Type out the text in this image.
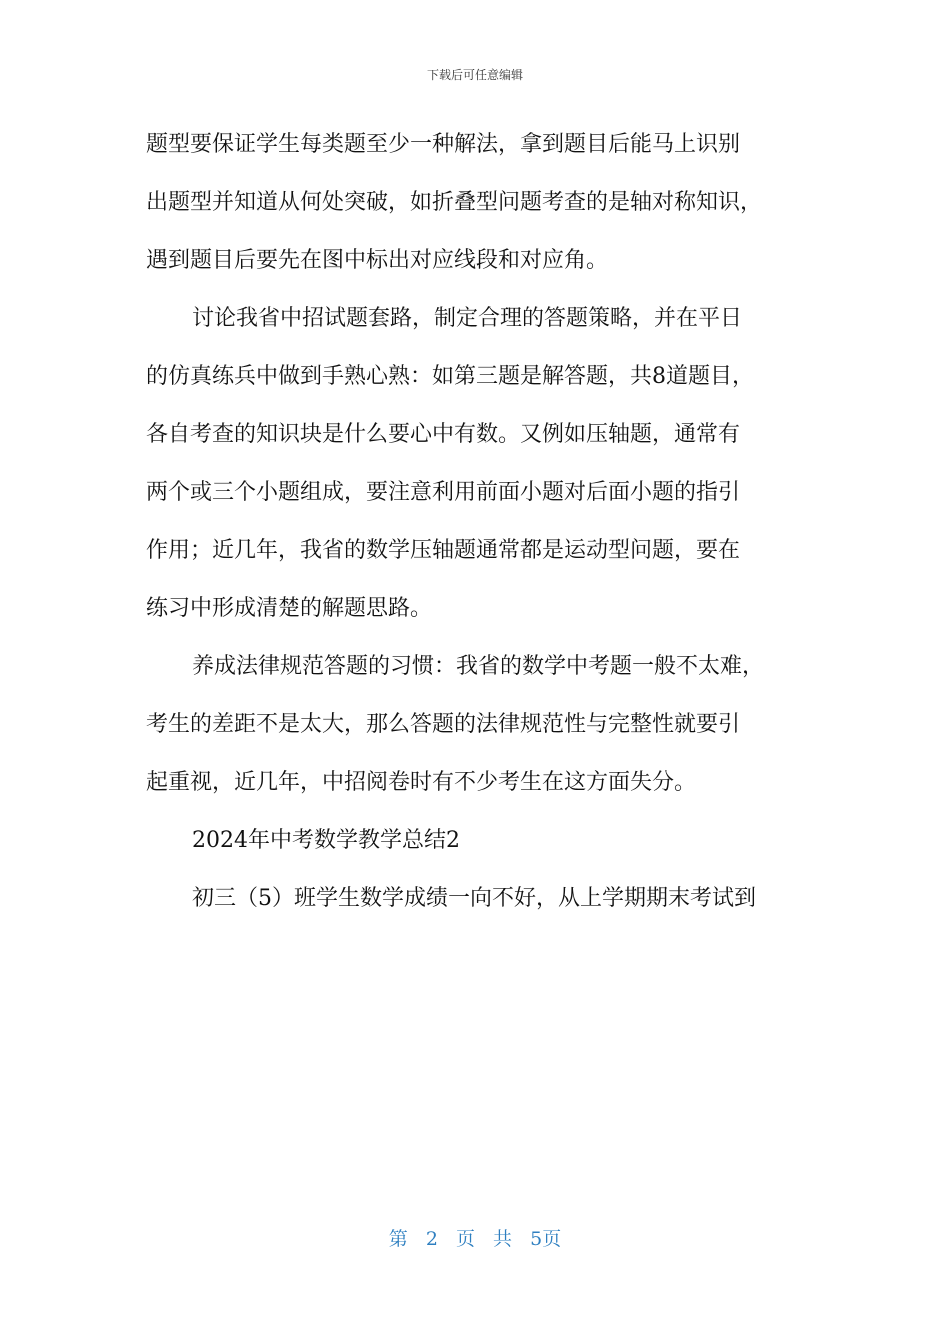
下载后可任意编辑
题型要保证学生每类题至少一种解法，拿到题目后能马上识别
出题型并知道从何处突破，如折叠型问题考查的是轴对称知识，
遇到题目后要先在图中标出对应线段和对应角。
讨论我省中招试题套路，制定合理的答题策略，并在平日
的仿真练兵中做到手熟心熟：如第三题是解答题，共8道题目，
各自考查的知识块是什么要心中有数。又例如压轴题，通常有
两个或三个小题组成，要注意利用前面小题对后面小题的指引
作用；近几年，我省的数学压轴题通常都是运动型问题，要在
练习中形成清楚的解题思路。
养成法律规范答题的习惯：我省的数学中考题一般不太难，
考生的差距不是太大，那么答题的法律规范性与完整性就要引
起重视，近几年，中招阅卷时有不少考生在这方面失分。
2024年中考数学教学总结2
初三（5）班学生数学成绩一向不好，从上学期期末考试到
第 2 页 共 5页
